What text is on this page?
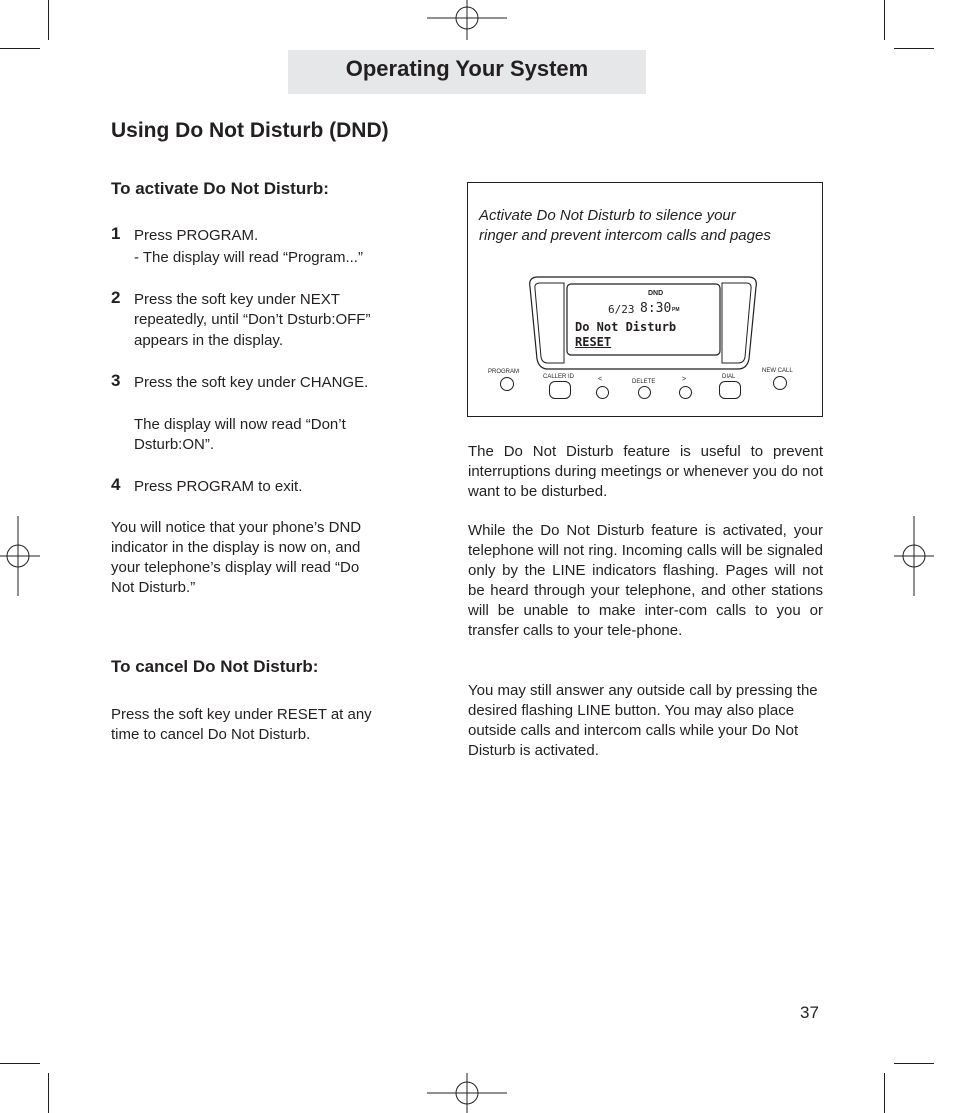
Operating Your System
Using Do Not Disturb (DND)
To activate Do Not Disturb:
1 Press PROGRAM.
- The display will read “Program...”
2 Press the soft key under NEXT
repeatedly, until “Don’t Dsturb:OFF”
appears in the display.
3 Press the soft key under CHANGE.
The display will now read “Don’t
Dsturb:ON”.
4 Press PROGRAM to exit.
You will notice that your phone’s DND
indicator in the display is now on, and
your telephone’s display will read “Do
Not Disturb.”
To cancel Do Not Disturb:
Press the soft key under RESET at any
time to cancel Do Not Disturb.
Activate Do Not Disturb to silence your
ringer and prevent intercom calls and pages
DND
6/23 8:30 PM
Do Not Disturb
RESET
PROGRAM
CALLER ID	<	DELETE	>	DIAL
NEW CALL
The Do Not Disturb feature is useful to prevent interruptions during meetings or whenever you do not want to be disturbed.
While the Do Not Disturb feature is activated, your telephone will not ring. Incoming calls will be signaled only by the LINE indicators flashing. Pages will not be heard through your telephone, and other stations will be unable to make inter-com calls to you or transfer calls to your tele-phone.
You may still answer any outside call by pressing the desired flashing LINE button. You may also place outside calls and intercom calls while your Do Not Disturb is activated.
37
